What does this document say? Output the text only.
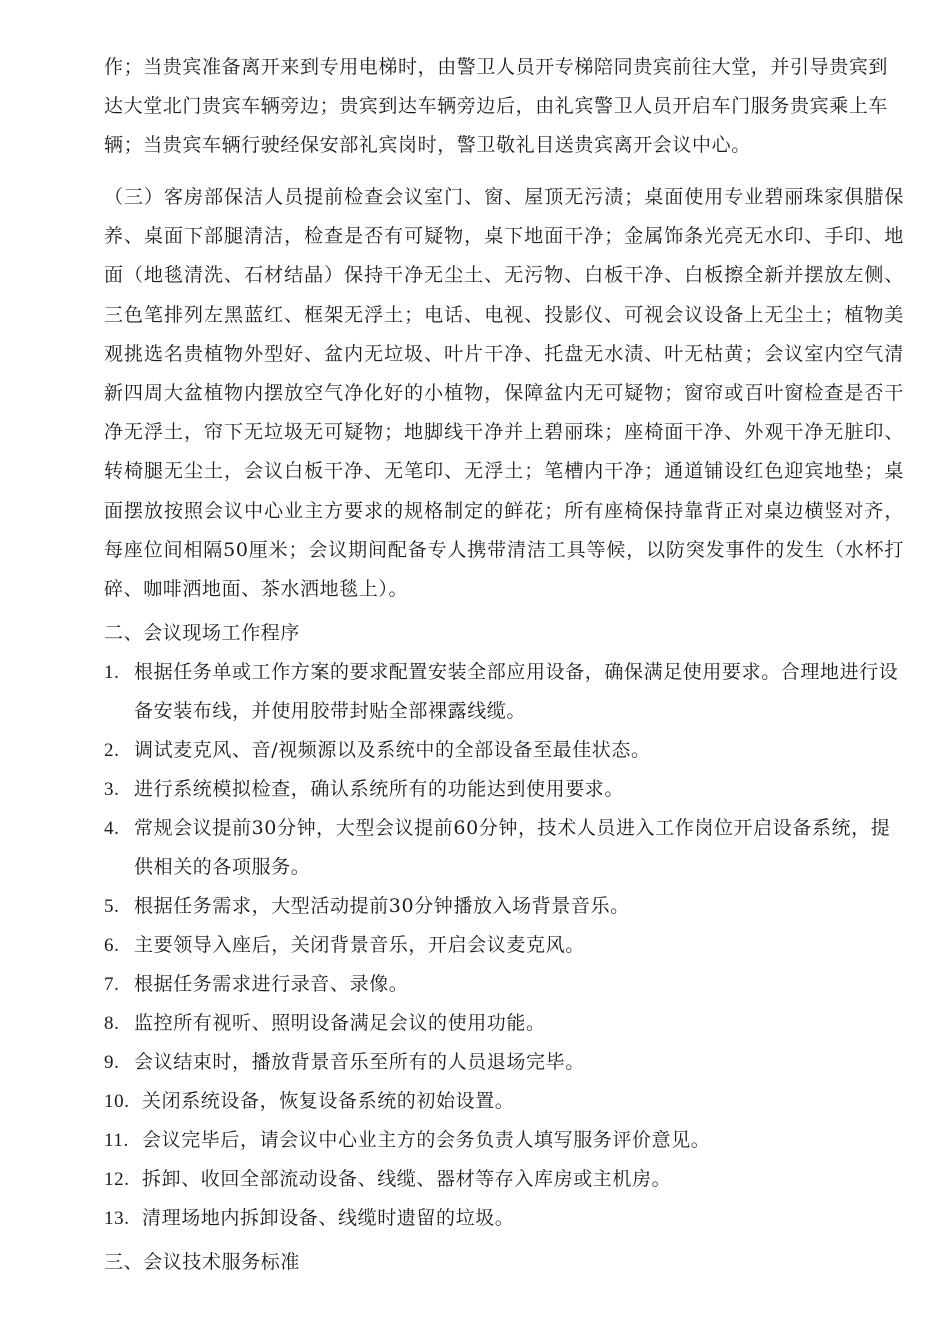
作；当贵宾准备离开来到专用电梯时，由警卫人员开专梯陪同贵宾前往大堂，并引导贵宾到达大堂北门贵宾车辆旁边；贵宾到达车辆旁边后，由礼宾警卫人员开启车门服务贵宾乘上车辆；当贵宾车辆行驶经保安部礼宾岗时，警卫敬礼目送贵宾离开会议中心。
（三）客房部保洁人员提前检查会议室门、窗、屋顶无污渍；桌面使用专业碧丽珠家俱腊保养、桌面下部腿清洁，检查是否有可疑物，桌下地面干净；金属饰条光亮无水印、手印、地面（地毯清洗、石材结晶）保持干净无尘土、无污物、白板干净、白板擦全新并摆放左侧、三色笔排列左黑蓝红、框架无浮土；电话、电视、投影仪、可视会议设备上无尘土；植物美观挑选名贵植物外型好、盆内无垃圾、叶片干净、托盘无水渍、叶无枯黄；会议室内空气清新四周大盆植物内摆放空气净化好的小植物，保障盆内无可疑物；窗帘或百叶窗检查是否干净无浮土，帘下无垃圾无可疑物；地脚线干净并上碧丽珠；座椅面干净、外观干净无脏印、转椅腿无尘土，会议白板干净、无笔印、无浮土；笔槽内干净；通道铺设红色迎宾地垫；桌面摆放按照会议中心业主方要求的规格制定的鲜花；所有座椅保持靠背正对桌边横竖对齐，每座位间相隔50厘米；会议期间配备专人携带清洁工具等候，以防突发事件的发生（水杯打碎、咖啡洒地面、茶水洒地毯上）。
二、会议现场工作程序
1. 根据任务单或工作方案的要求配置安装全部应用设备，确保满足使用要求。合理地进行设备安装布线，并使用胶带封贴全部裸露线缆。
2. 调试麦克风、音/视频源以及系统中的全部设备至最佳状态。
3. 进行系统模拟检查，确认系统所有的功能达到使用要求。
4. 常规会议提前30分钟，大型会议提前60分钟，技术人员进入工作岗位开启设备系统，提供相关的各项服务。
5. 根据任务需求，大型活动提前30分钟播放入场背景音乐。
6. 主要领导入座后，关闭背景音乐，开启会议麦克风。
7. 根据任务需求进行录音、录像。
8. 监控所有视听、照明设备满足会议的使用功能。
9. 会议结束时，播放背景音乐至所有的人员退场完毕。
10. 关闭系统设备，恢复设备系统的初始设置。
11. 会议完毕后，请会议中心业主方的会务负责人填写服务评价意见。
12. 拆卸、收回全部流动设备、线缆、器材等存入库房或主机房。
13. 清理场地内拆卸设备、线缆时遗留的垃圾。
三、会议技术服务标准
